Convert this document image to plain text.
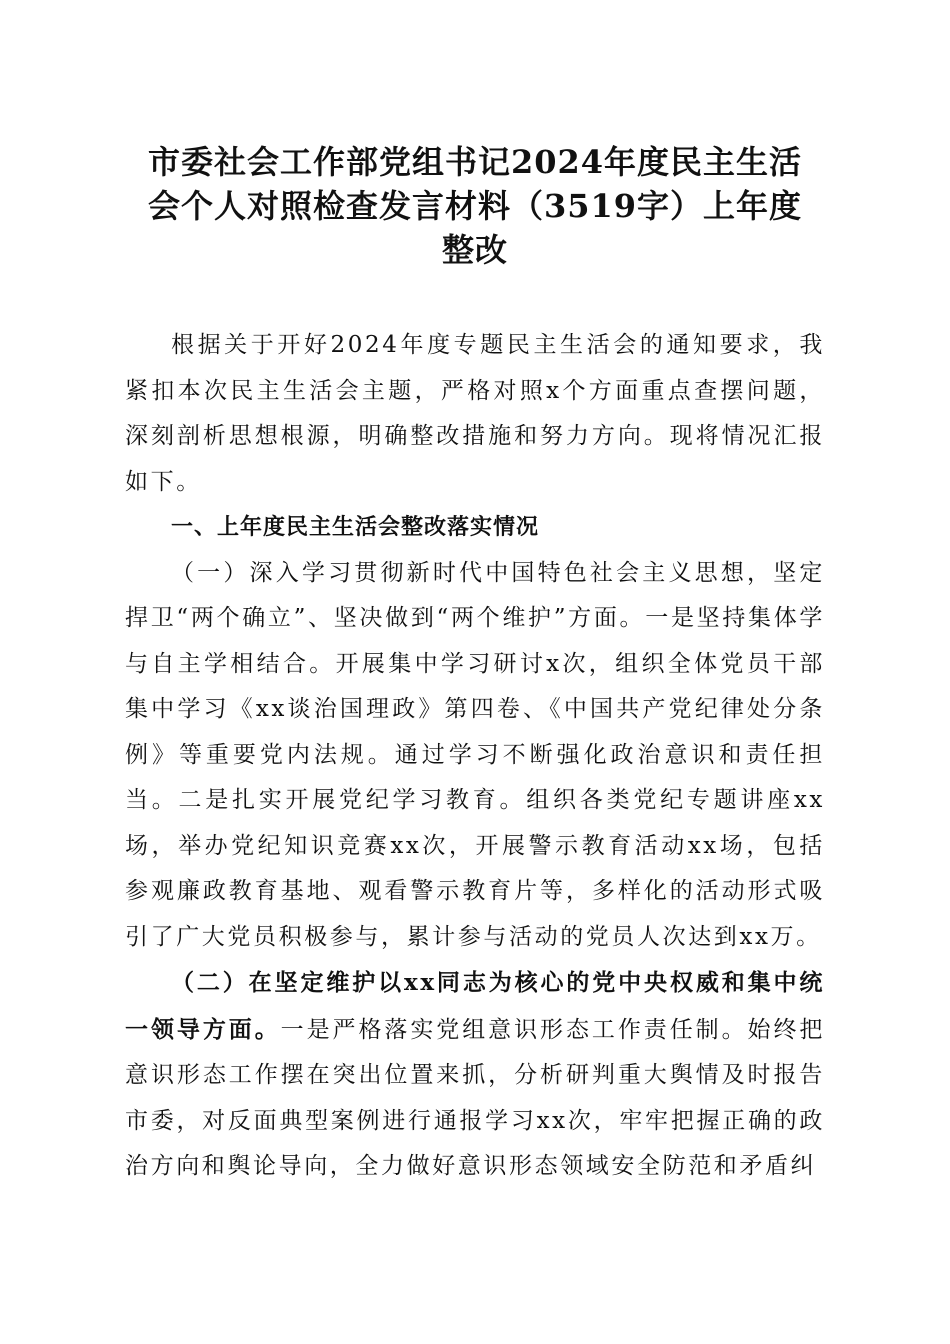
市委社会工作部党组书记2024年度民主生活
会个人对照检查发言材料（3519字）上年度
整改

根据关于开好2024年度专题民主生活会的通知要求，我紧扣本次民主生活会主题，严格对照x个方面重点查摆问题，深刻剖析思想根源，明确整改措施和努力方向。现将情况汇报如下。

一、上年度民主生活会整改落实情况

（一）深入学习贯彻新时代中国特色社会主义思想，坚定捍卫“两个确立”、坚决做到“两个维护”方面。一是坚持集体学与自主学相结合。开展集中学习研讨x次，组织全体党员干部集中学习《xx谈治国理政》第四卷、《中国共产党纪律处分条例》等重要党内法规。通过学习不断强化政治意识和责任担当。二是扎实开展党纪学习教育。组织各类党纪专题讲座xx场，举办党纪知识竞赛xx次，开展警示教育活动xx场，包括参观廉政教育基地、观看警示教育片等，多样化的活动形式吸引了广大党员积极参与，累计参与活动的党员人次达到xx万。

（二）在坚定维护以xx同志为核心的党中央权威和集中统一领导方面。一是严格落实党组意识形态工作责任制。始终把意识形态工作摆在突出位置来抓，分析研判重大舆情及时报告市委，对反面典型案例进行通报学习xx次，牢牢把握正确的政治方向和舆论导向，全力做好意识形态领域安全防范和矛盾纠
